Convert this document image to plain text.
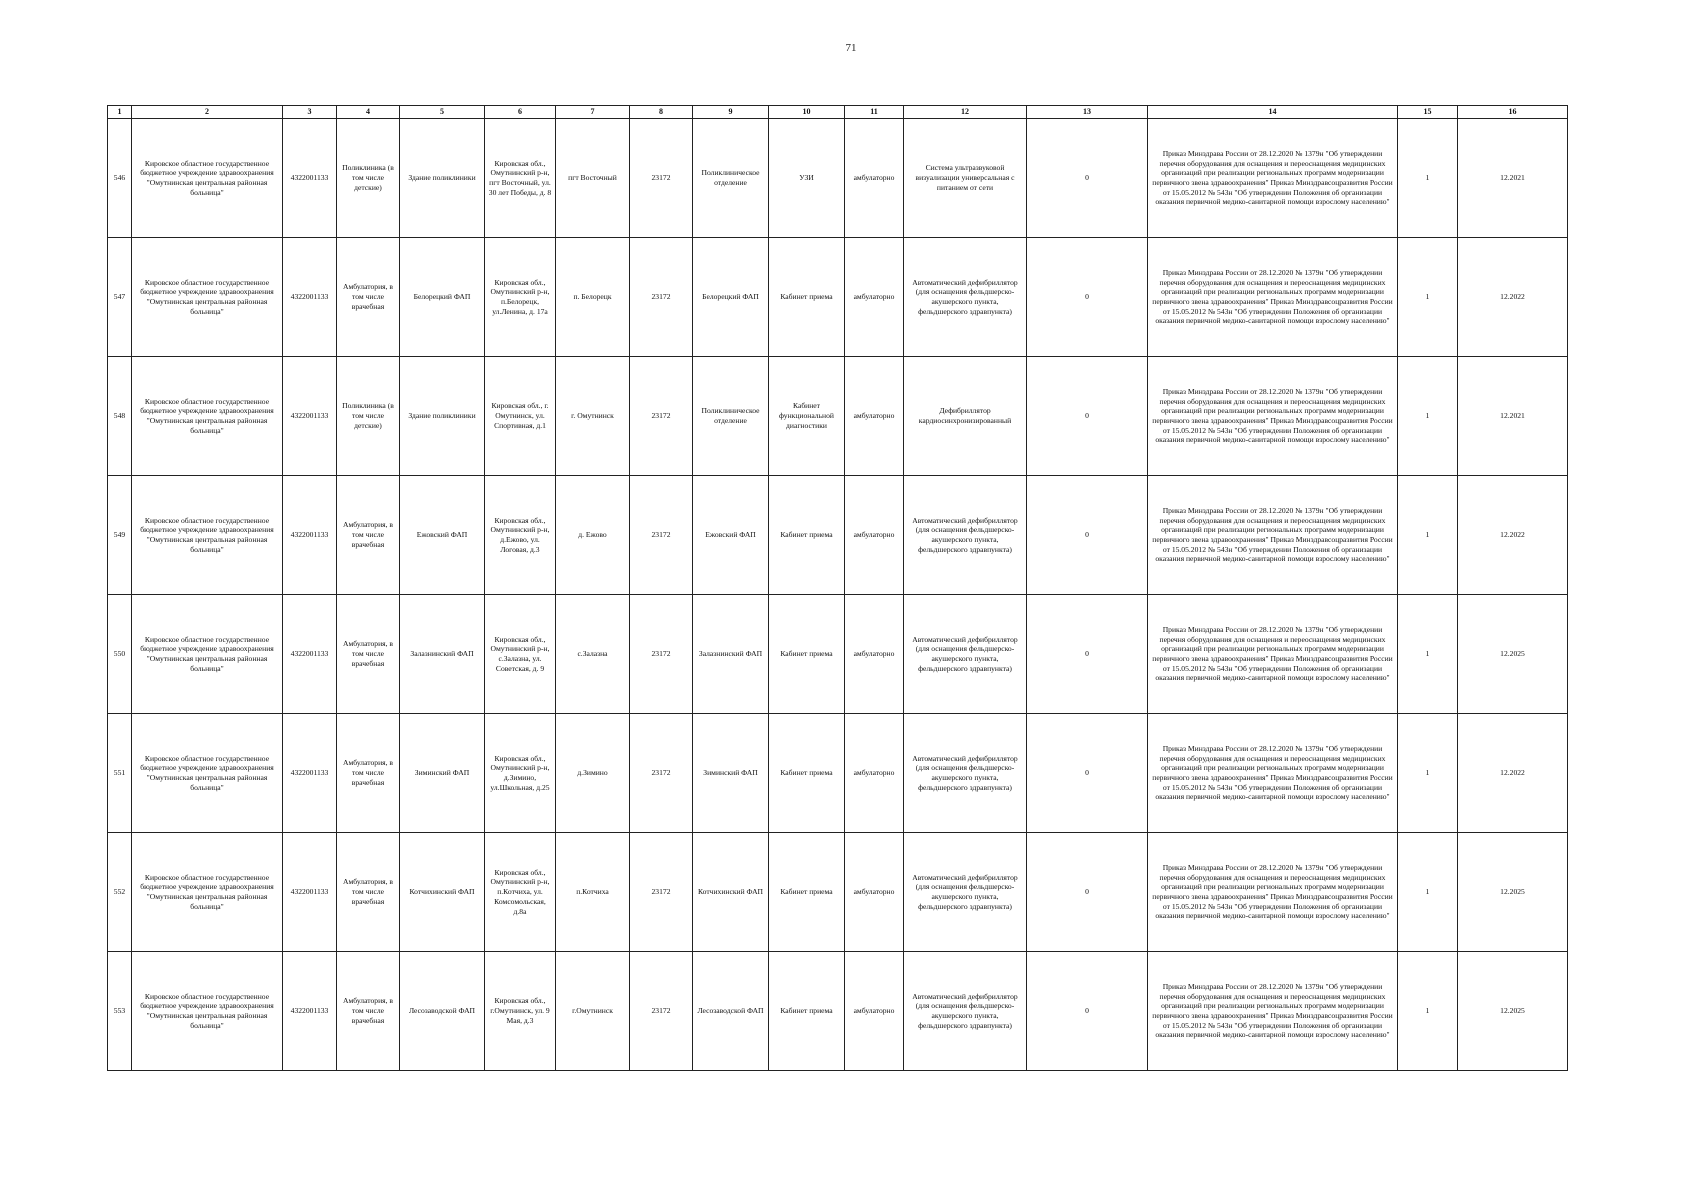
71
1	2	3	4	5	6	7	8	9	10	11	12	13	14	15	16
546	Кировское областное государственное бюджетное учреждение здравоохранения "Омутнинская центральная районная больница"	4322001133	Поликлиника (в том числе детские)	Здание поликлиники	Кировская обл., Омутнинский р-н, пгт Восточный, ул. 30 лет Победы, д. 8	пгт Восточный	23172	Поликлиническое отделение	УЗИ	амбулаторно	Система ультразвуковой визуализации универсальная с питанием от сети	0	Приказ Минздрава России от 28.12.2020 № 1379н "Об утверждении перечня оборудования для оснащения и переоснащения медицинских организаций при реализации региональных программ модернизации первичного звена здравоохранения" Приказ Минздравсоцразвития России от 15.05.2012 № 543н "Об утверждении Положения об организации оказания первичной медико-санитарной помощи взрослому населению"	1	12.2021
547	Кировское областное государственное бюджетное учреждение здравоохранения "Омутнинская центральная районная больница"	4322001133	Амбулатория, в том числе врачебная	Белорецкий ФАП	Кировская обл., Омутнинский р-н, п.Белорецк, ул.Ленина, д. 17а	п. Белорецк	23172	Белорецкий ФАП	Кабинет приема	амбулаторно	Автоматический дефибриллятор (для оснащения фельдшерско-акушерского пункта, фельдшерского здравпункта)	0	Приказ Минздрава России от 28.12.2020 № 1379н "Об утверждении перечня оборудования для оснащения и переоснащения медицинских организаций при реализации региональных программ модернизации первичного звена здравоохранения" Приказ Минздравсоцразвития России от 15.05.2012 № 543н "Об утверждении Положения об организации оказания первичной медико-санитарной помощи взрослому населению"	1	12.2022
548	Кировское областное государственное бюджетное учреждение здравоохранения "Омутнинская центральная районная больница"	4322001133	Поликлиника (в том числе детские)	Здание поликлиники	Кировская обл., г. Омутнинск, ул. Спортивная, д.1	г. Омутнинск	23172	Поликлиническое отделение	Кабинет функциональной диагностики	амбулаторно	Дефибриллятор кардиосинхронизированный	0	Приказ Минздрава России от 28.12.2020 № 1379н "Об утверждении перечня оборудования для оснащения и переоснащения медицинских организаций при реализации региональных программ модернизации первичного звена здравоохранения" Приказ Минздравсоцразвития России от 15.05.2012 № 543н "Об утверждении Положения об организации оказания первичной медико-санитарной помощи взрослому населению"	1	12.2021
549	Кировское областное государственное бюджетное учреждение здравоохранения "Омутнинская центральная районная больница"	4322001133	Амбулатория, в том числе врачебная	Ежовский ФАП	Кировская обл., Омутнинский р-н, д.Ежово, ул. Логовая, д.3	д. Ежово	23172	Ежовский ФАП	Кабинет приема	амбулаторно	Автоматический дефибриллятор (для оснащения фельдшерско-акушерского пункта, фельдшерского здравпункта)	0	Приказ Минздрава России от 28.12.2020 № 1379н "Об утверждении перечня оборудования для оснащения и переоснащения медицинских организаций при реализации региональных программ модернизации первичного звена здравоохранения" Приказ Минздравсоцразвития России от 15.05.2012 № 543н "Об утверждении Положения об организации оказания первичной медико-санитарной помощи взрослому населению"	1	12.2022
550	Кировское областное государственное бюджетное учреждение здравоохранения "Омутнинская центральная районная больница"	4322001133	Амбулатория, в том числе врачебная	Залазнинский ФАП	Кировская обл., Омутнинский р-н, с.Залазна, ул. Советская, д. 9	с.Залазна	23172	Залазнинский ФАП	Кабинет приема	амбулаторно	Автоматический дефибриллятор (для оснащения фельдшерско-акушерского пункта, фельдшерского здравпункта)	0	Приказ Минздрава России от 28.12.2020 № 1379н "Об утверждении перечня оборудования для оснащения и переоснащения медицинских организаций при реализации региональных программ модернизации первичного звена здравоохранения" Приказ Минздравсоцразвития России от 15.05.2012 № 543н "Об утверждении Положения об организации оказания первичной медико-санитарной помощи взрослому населению"	1	12.2025
551	Кировское областное государственное бюджетное учреждение здравоохранения "Омутнинская центральная районная больница"	4322001133	Амбулатория, в том числе врачебная	Зиминский ФАП	Кировская обл., Омутнинский р-н, д.Зимино, ул.Школьная, д.25	д.Зимино	23172	Зиминский ФАП	Кабинет приема	амбулаторно	Автоматический дефибриллятор (для оснащения фельдшерско-акушерского пункта, фельдшерского здравпункта)	0	Приказ Минздрава России от 28.12.2020 № 1379н "Об утверждении перечня оборудования для оснащения и переоснащения медицинских организаций при реализации региональных программ модернизации первичного звена здравоохранения" Приказ Минздравсоцразвития России от 15.05.2012 № 543н "Об утверждении Положения об организации оказания первичной медико-санитарной помощи взрослому населению"	1	12.2022
552	Кировское областное государственное бюджетное учреждение здравоохранения "Омутнинская центральная районная больница"	4322001133	Амбулатория, в том числе врачебная	Котчихинский ФАП	Кировская обл., Омутнинский р-н, п.Котчиха, ул. Комсомольская, д.8а	п.Котчиха	23172	Котчихинский ФАП	Кабинет приема	амбулаторно	Автоматический дефибриллятор (для оснащения фельдшерско-акушерского пункта, фельдшерского здравпункта)	0	Приказ Минздрава России от 28.12.2020 № 1379н "Об утверждении перечня оборудования для оснащения и переоснащения медицинских организаций при реализации региональных программ модернизации первичного звена здравоохранения" Приказ Минздравсоцразвития России от 15.05.2012 № 543н "Об утверждении Положения об организации оказания первичной медико-санитарной помощи взрослому населению"	1	12.2025
553	Кировское областное государственное бюджетное учреждение здравоохранения "Омутнинская центральная районная больница"	4322001133	Амбулатория, в том числе врачебная	Лесозаводской ФАП	Кировская обл., г.Омутнинск, ул. 9 Мая, д.3	г.Омутнинск	23172	Лесозаводской ФАП	Кабинет приема	амбулаторно	Автоматический дефибриллятор (для оснащения фельдшерско-акушерского пункта, фельдшерского здравпункта)	0	Приказ Минздрава России от 28.12.2020 № 1379н "Об утверждении перечня оборудования для оснащения и переоснащения медицинских организаций при реализации региональных программ модернизации первичного звена здравоохранения" Приказ Минздравсоцразвития России от 15.05.2012 № 543н "Об утверждении Положения об организации оказания первичной медико-санитарной помощи взрослому населению"	1	12.2025
